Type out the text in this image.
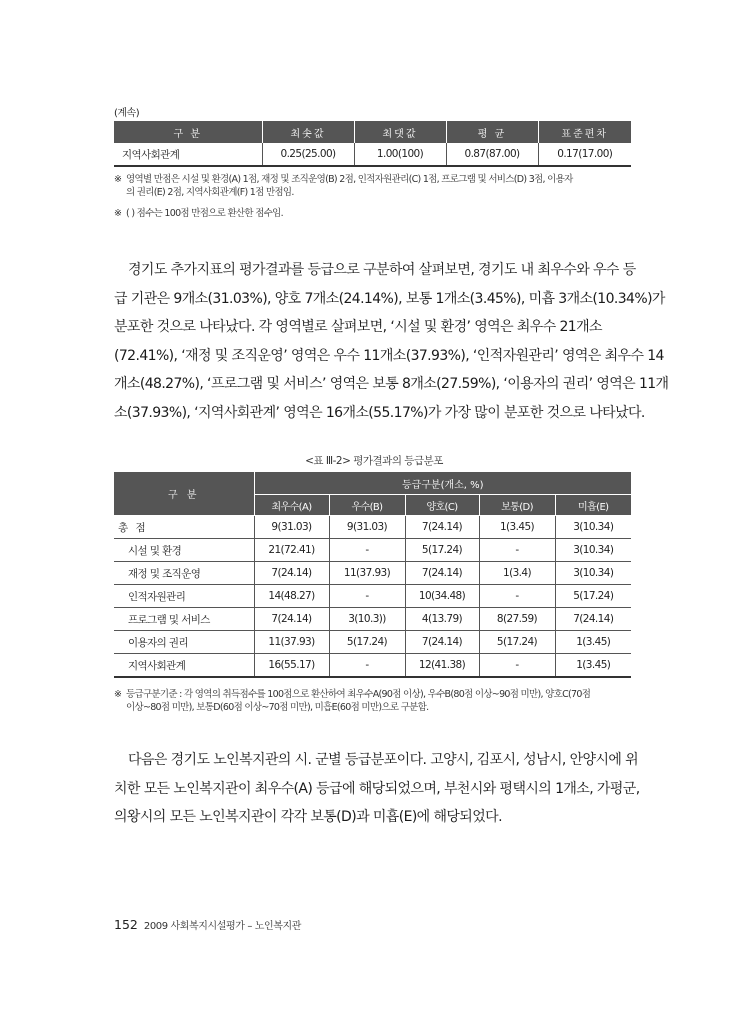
(계속)
구 분	최솟값	최댓값	평 균	표준편차
지역사회관계	0.25(25.00)	1.00(100)	0.87(87.00)	0.17(17.00)
※ 영역별 만점은 시설 및 환경(A) 1점, 재정 및 조직운영(B) 2점, 인적자원관리(C) 1점, 프로그램 및 서비스(D) 3점, 이용자
의 권리(E) 2점, 지역사회관계(F) 1점 만점임.
※ ( ) 점수는 100점 만점으로 환산한 점수임.
경기도 추가지표의 평가결과를 등급으로 구분하여 살펴보면, 경기도 내 최우수와 우수 등
급 기관은 9개소(31.03%), 양호 7개소(24.14%), 보통 1개소(3.45%), 미흡 3개소(10.34%)가
분포한 것으로 나타났다. 각 영역별로 살펴보면, ‘시설 및 환경’ 영역은 최우수 21개소
(72.41%), ‘재정 및 조직운영’ 영역은 우수 11개소(37.93%), ‘인적자원관리’ 영역은 최우수 14
개소(48.27%), ‘프로그램 및 서비스’ 영역은 보통 8개소(27.59%), ‘이용자의 권리’ 영역은 11개
소(37.93%), ‘지역사회관계’ 영역은 16개소(55.17%)가 가장 많이 분포한 것으로 나타났다.
<표 Ⅲ-2> 평가결과의 등급분포
구 분	등급구분(개소, %)				
	최우수(A)	우수(B)	양호(C)	보통(D)	미흡(E)
총 점	9(31.03)	9(31.03)	7(24.14)	1(3.45)	3(10.34)
시설 및 환경	21(72.41)	-	5(17.24)	-	3(10.34)
재정 및 조직운영	7(24.14)	11(37.93)	7(24.14)	1(3.4)	3(10.34)
인적자원관리	14(48.27)	-	10(34.48)	-	5(17.24)
프로그램 및 서비스	7(24.14)	3(10.3))	4(13.79)	8(27.59)	7(24.14)
이용자의 권리	11(37.93)	5(17.24)	7(24.14)	5(17.24)	1(3.45)
지역사회관계	16(55.17)	-	12(41.38)	-	1(3.45)
※ 등급구분기준 : 각 영역의 취득점수를 100점으로 환산하여 최우수A(90점 이상), 우수B(80점 이상~90점 미만), 양호C(70점
이상~80점 미만), 보통D(60점 이상~70점 미만), 미흡E(60점 미만)으로 구분함.
다음은 경기도 노인복지관의 시. 군별 등급분포이다. 고양시, 김포시, 성남시, 안양시에 위
치한 모든 노인복지관이 최우수(A) 등급에 해당되었으며, 부천시와 평택시의 1개소, 가평군,
의왕시의 모든 노인복지관이 각각 보통(D)과 미흡(E)에 해당되었다.
152 2009 사회복지시설평가 – 노인복지관
